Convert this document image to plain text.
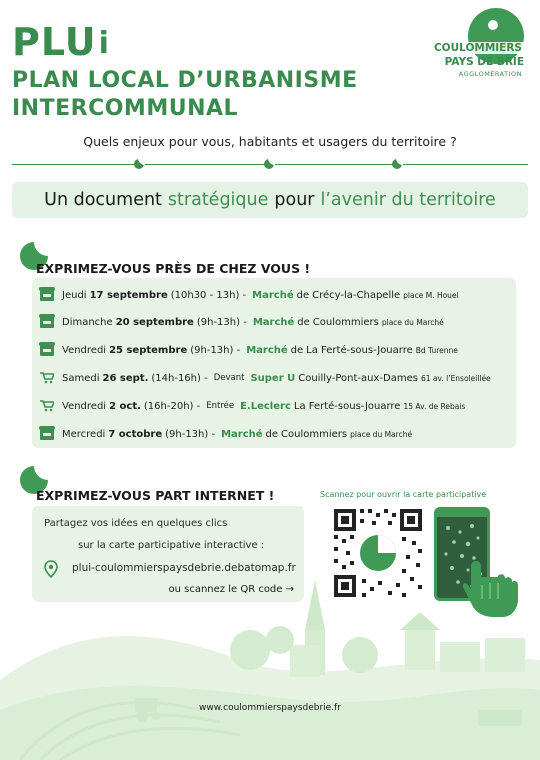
PLUi
PLAN LOCAL D’URBANISME
INTERCOMMUNAL
COULOMMIERS
PAYS DE BRIE
AGGLOMÉRATION
Quels enjeux pour vous, habitants et usagers du territoire ?
Un document stratégique pour l’avenir du territoire
EXPRIMEZ-VOUS PRÈS DE CHEZ VOUS !
Jeudi 17 septembre (10h30 - 13h) - Marché de Crécy-la-Chapelle place M. Houel
Dimanche 20 septembre (9h-13h) - Marché de Coulommiers place du Marché
Vendredi 25 septembre (9h-13h) - Marché de La Ferté-sous-Jouarre Bd Turenne
Samedi 26 sept. (14h-16h) - Devant Super U Couilly-Pont-aux-Dames 61 av. l’Ensoleillée
Vendredi 2 oct. (16h-20h) - Entrée E.Leclerc La Ferté-sous-Jouarre 15 Av. de Rebais
Mercredi 7 octobre (9h-13h) - Marché de Coulommiers place du Marché
EXPRIMEZ-VOUS PART INTERNET !
Partagez vos idées en quelques clics
sur la carte participative interactive :
plui-coulommierspaysdebrie.debatomap.fr
ou scannez le QR code →
Scannez pour ouvrir la carte participative
www.coulommierspaysdebrie.fr
